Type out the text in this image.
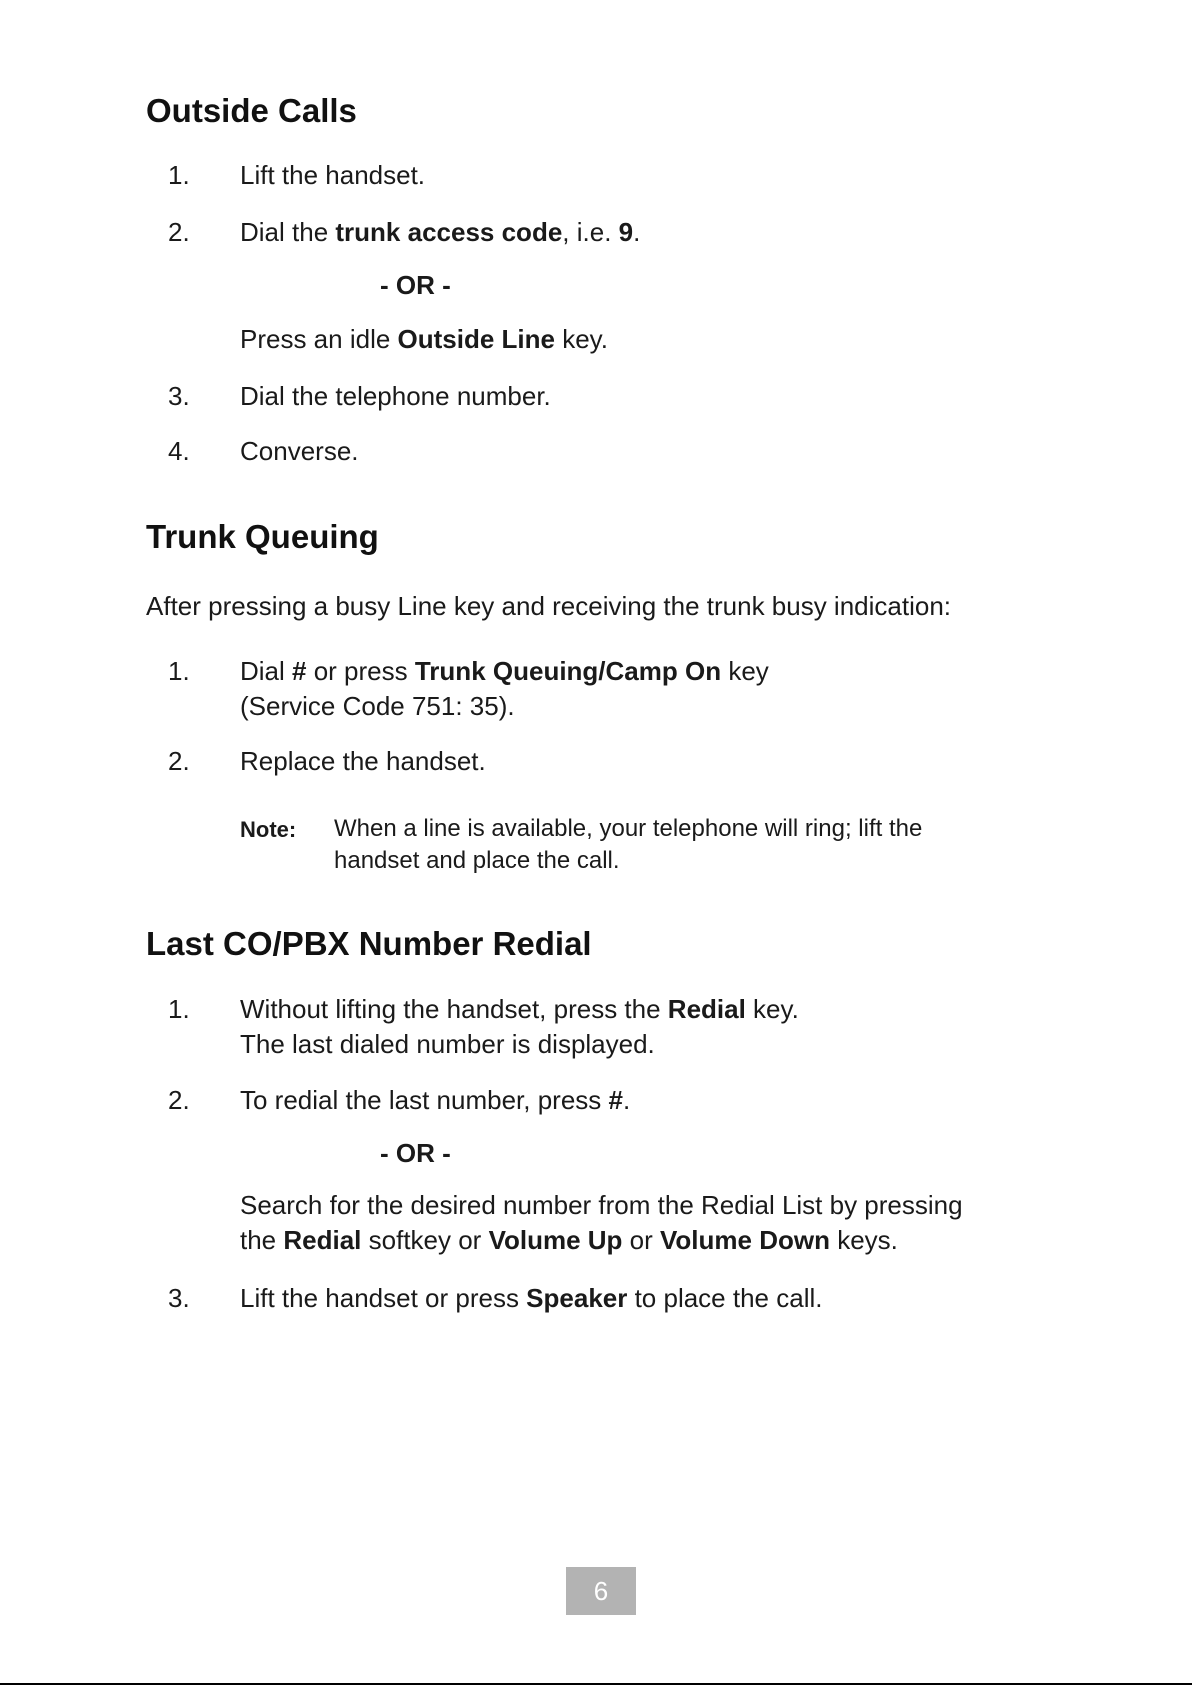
Outside Calls
1. Lift the handset.
2. Dial the trunk access code, i.e. 9.
- OR -
Press an idle Outside Line key.
3. Dial the telephone number.
4. Converse.
Trunk Queuing
After pressing a busy Line key and receiving the trunk busy indication:
1. Dial # or press Trunk Queuing/Camp On key
(Service Code 751: 35).
2. Replace the handset.
Note: When a line is available, your telephone will ring; lift the
handset and place the call.
Last CO/PBX Number Redial
1. Without lifting the handset, press the Redial key.
The last dialed number is displayed.
2. To redial the last number, press #.
- OR -
Search for the desired number from the Redial List by pressing
the Redial softkey or Volume Up or Volume Down keys.
3. Lift the handset or press Speaker to place the call.
6
